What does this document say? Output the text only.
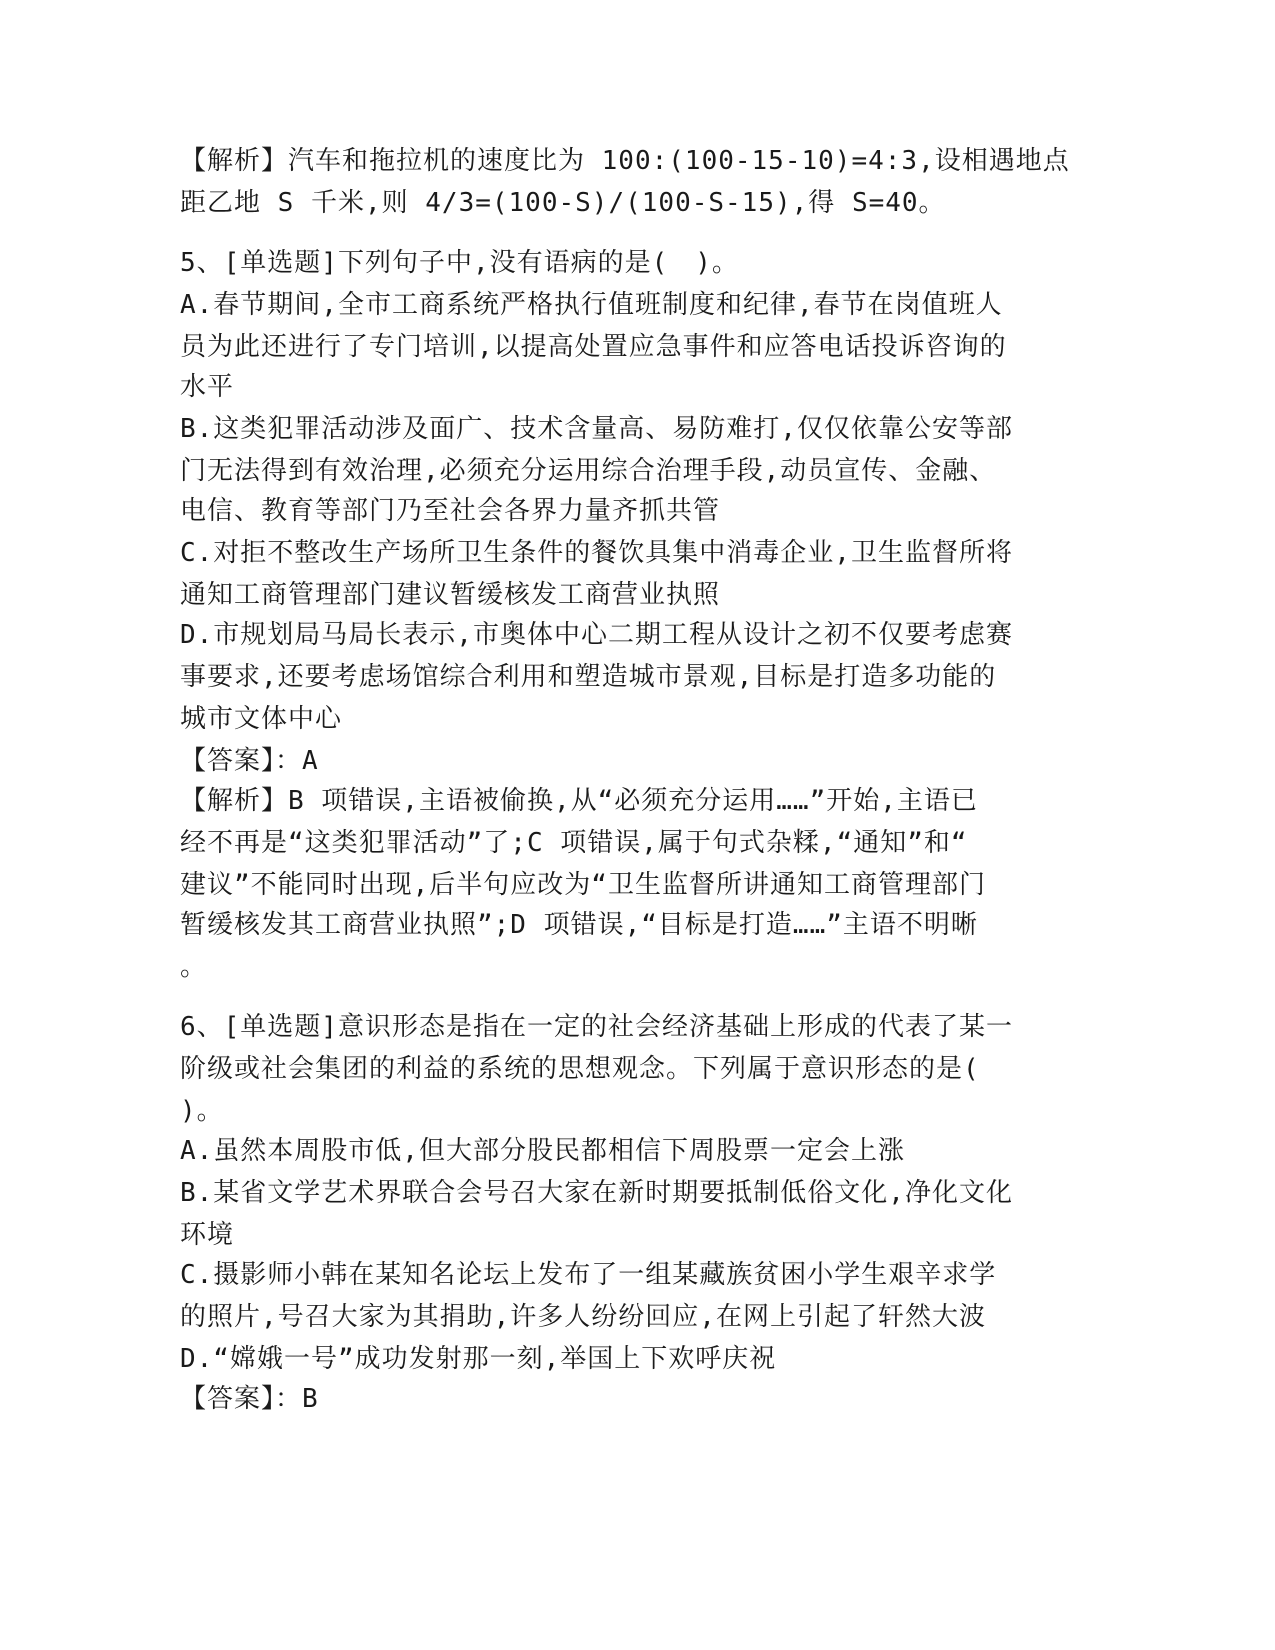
【解析】汽车和拖拉机的速度比为 100:(100-15-10)=4:3,设相遇地点
距乙地 S 千米,则 4/3=(100-S)/(100-S-15),得 S=40。
5、[单选题]下列句子中,没有语病的是(　)。
A.春节期间,全市工商系统严格执行值班制度和纪律,春节在岗值班人
员为此还进行了专门培训,以提高处置应急事件和应答电话投诉咨询的
水平
B.这类犯罪活动涉及面广、技术含量高、易防难打,仅仅依靠公安等部
门无法得到有效治理,必须充分运用综合治理手段,动员宣传、金融、
电信、教育等部门乃至社会各界力量齐抓共管
C.对拒不整改生产场所卫生条件的餐饮具集中消毒企业,卫生监督所将
通知工商管理部门建议暂缓核发工商营业执照
D.市规划局马局长表示,市奥体中心二期工程从设计之初不仅要考虑赛
事要求,还要考虑场馆综合利用和塑造城市景观,目标是打造多功能的
城市文体中心
【答案】：A
【解析】B 项错误,主语被偷换,从“必须充分运用……”开始,主语已
经不再是“这类犯罪活动”了;C 项错误,属于句式杂糅,“通知”和“
建议”不能同时出现,后半句应改为“卫生监督所讲通知工商管理部门
暂缓核发其工商营业执照”;D 项错误,“目标是打造……”主语不明晰
。
6、[单选题]意识形态是指在一定的社会经济基础上形成的代表了某一
阶级或社会集团的利益的系统的思想观念。下列属于意识形态的是(
)。
A.虽然本周股市低,但大部分股民都相信下周股票一定会上涨
B.某省文学艺术界联合会号召大家在新时期要抵制低俗文化,净化文化
环境
C.摄影师小韩在某知名论坛上发布了一组某藏族贫困小学生艰辛求学
的照片,号召大家为其捐助,许多人纷纷回应,在网上引起了轩然大波
D.“嫦娥一号”成功发射那一刻,举国上下欢呼庆祝
【答案】：B
